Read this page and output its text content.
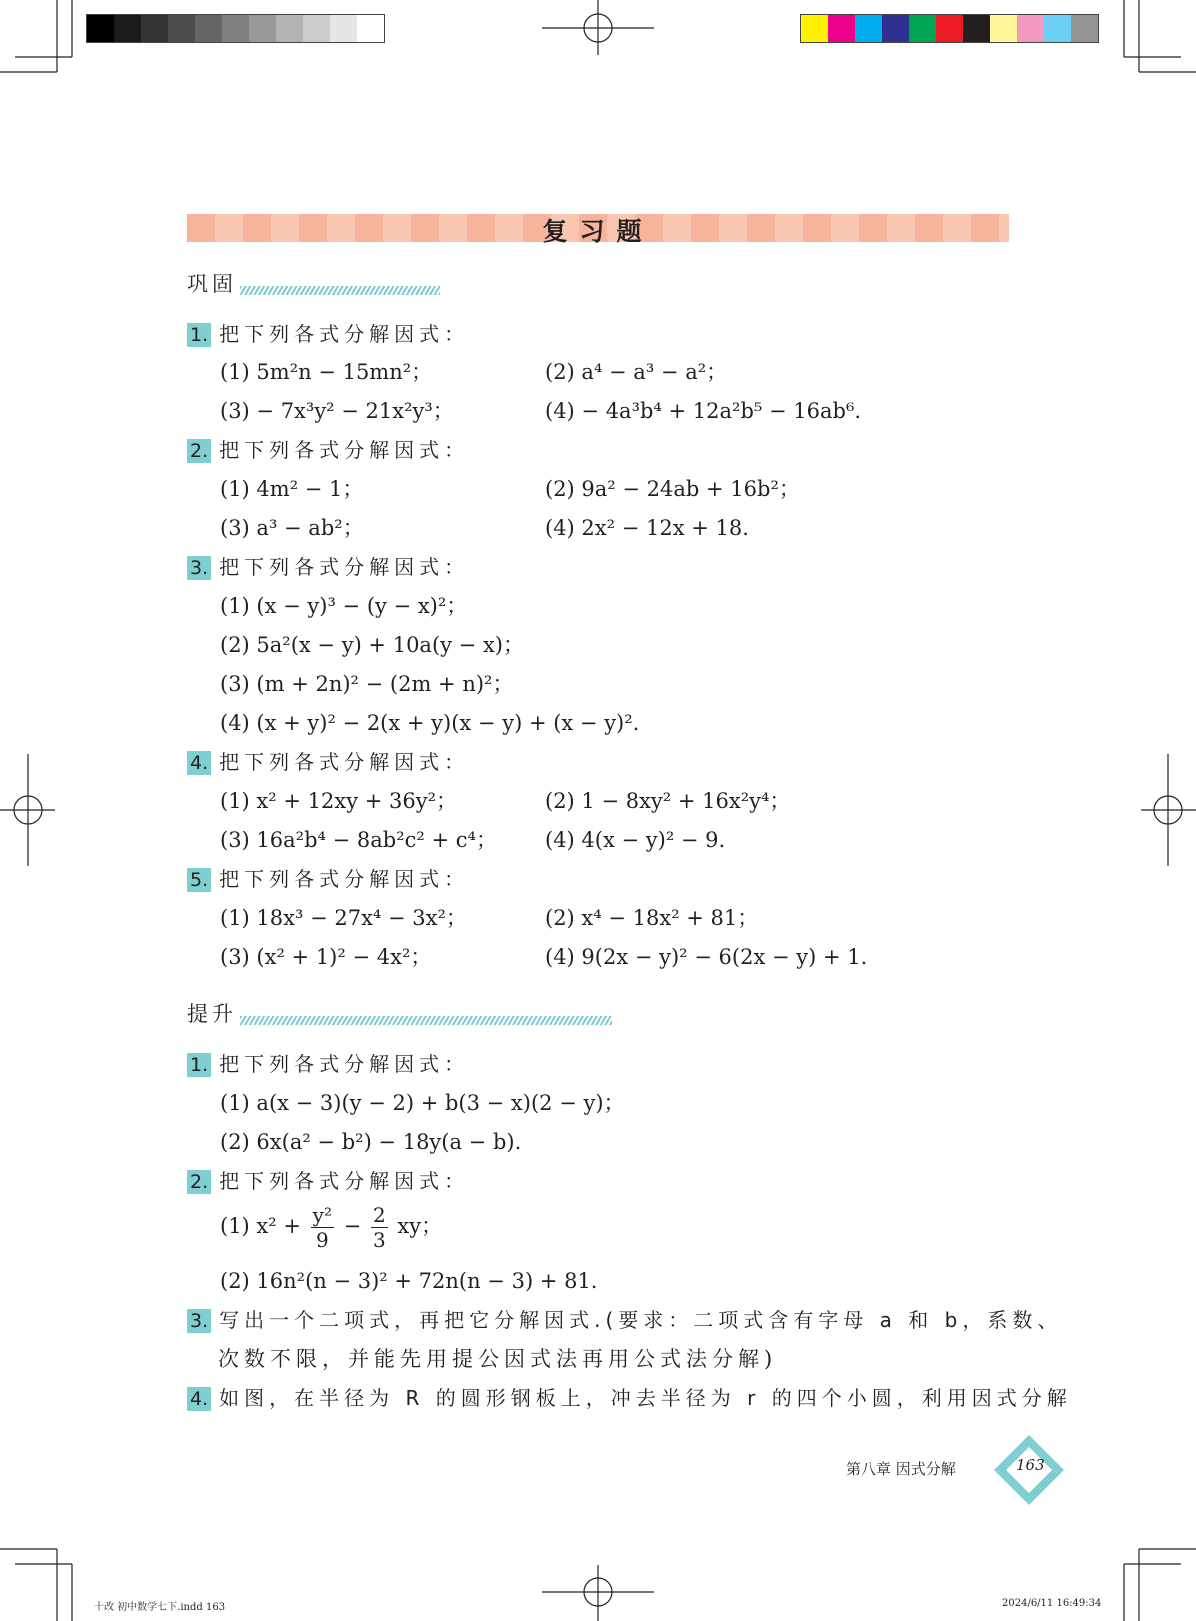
复习题
巩固
1. 把下列各式分解因式：
(1) 5m²n − 15mn²；	(2) a⁴ − a³ − a²；
(3) − 7x³y² − 21x²y³；	(4) − 4a³b⁴ + 12a²b⁵ − 16ab⁶.
2. 把下列各式分解因式：
(1) 4m² − 1；	(2) 9a² − 24ab + 16b²；
(3) a³ − ab²；	(4) 2x² − 12x + 18.
3. 把下列各式分解因式：
(1) (x − y)³ − (y − x)²；
(2) 5a²(x − y) + 10a(y − x)；
(3) (m + 2n)² − (2m + n)²；
(4) (x + y)² − 2(x + y)(x − y) + (x − y)².
4. 把下列各式分解因式：
(1) x² + 12xy + 36y²；	(2) 1 − 8xy² + 16x²y⁴；
(3) 16a²b⁴ − 8ab²c² + c⁴； (4) 4(x − y)² − 9.
5. 把下列各式分解因式：
(1) 18x³ − 27x⁴ − 3x²；	(2) x⁴ − 18x² + 81；
(3) (x² + 1)² − 4x²；	(4) 9(2x − y)² − 6(2x − y) + 1.
提升
1. 把下列各式分解因式：
(1) a(x − 3)(y − 2) + b(3 − x)(2 − y)；
(2) 6x(a² − b²) − 18y(a − b).
2. 把下列各式分解因式：
(2) 16n²(n − 3)² + 72n(n − 3) + 81.
3. 写出一个二项式，再把它分解因式.(要求：二项式含有字母 a 和 b，系数、
次数不限，并能先用提公因式法再用公式法分解)
4. 如图，在半径为 R 的圆形钢板上，冲去半径为 r 的四个小圆，利用因式分解
(1) $x^2 + \frac{\text{y²}}{9} - \frac{2}{3}$ xy；
第八章 因式分解	163
十改 初中数学七下.indd 163	2024/6/11 16:49:34
